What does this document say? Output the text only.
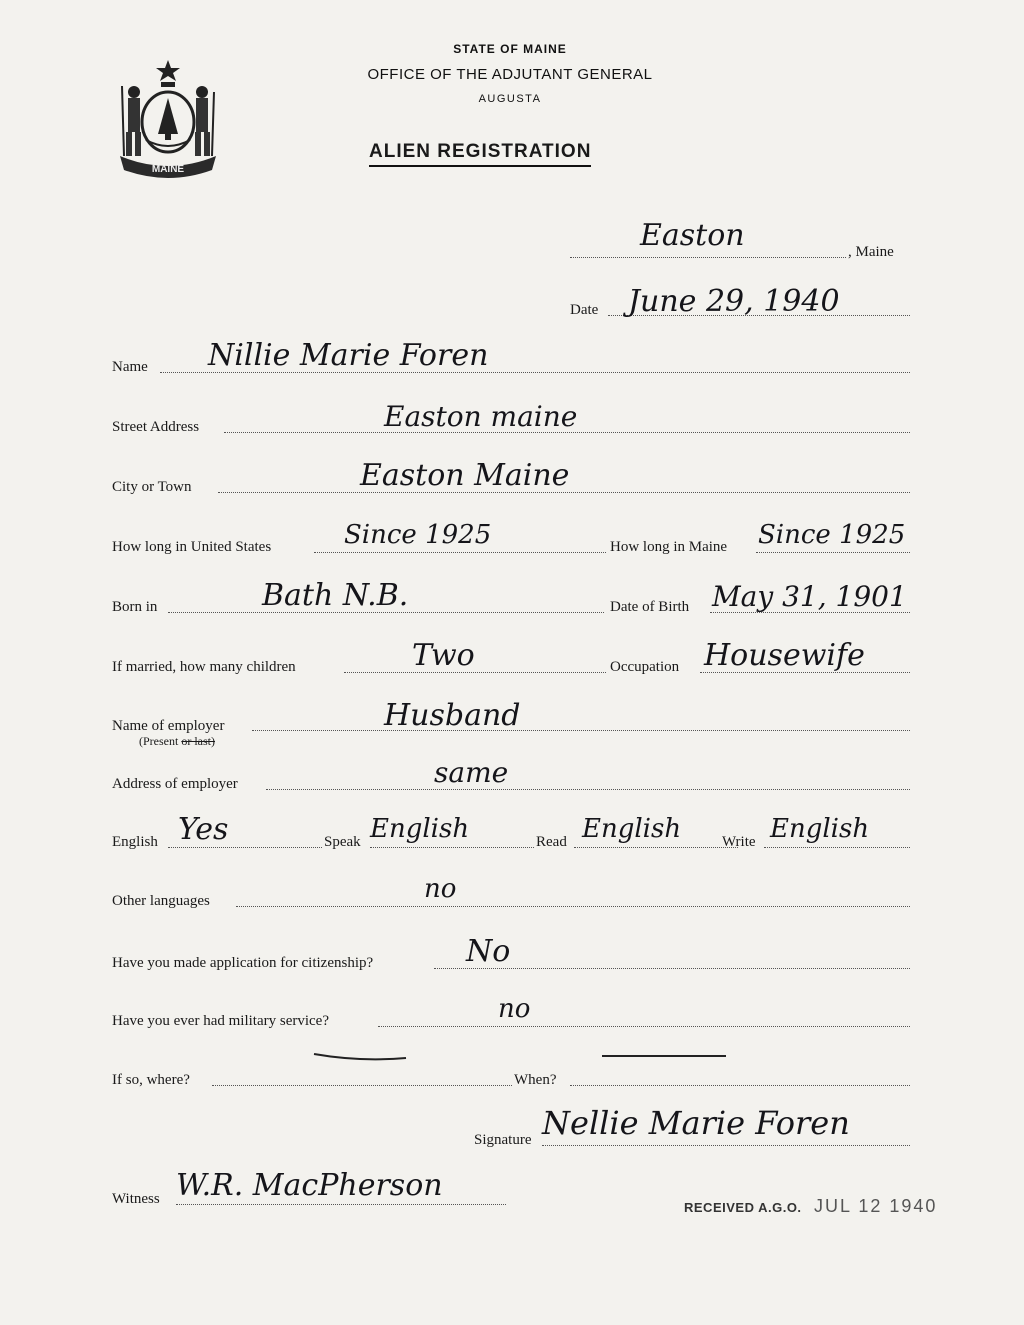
MAINE
STATE OF MAINE
OFFICE OF THE ADJUTANT GENERAL
AUGUSTA
ALIEN REGISTRATION
Easton	, Maine
Date June 29, 1940
Name Nillie Marie Foren
Street Address	Easton maine
City or Town	Easton Maine
How long in United States	Since 1925	How long in Maine Since 1925
Born in	Bath N.B.	Date of Birth May 31, 1901
If married, how many children	Two	Occupation Housewife
Name of employer
(Present or last)
Husband
Address of employer	same
English Yes	Speak English	Read English	Write English
Other languages	no
Have you made application for citizenship?	No
Have you ever had military service?	no
If so, where?	When?
Signature Nellie Marie Foren
Witness W.R. MacPherson
RECEIVED A.G.O. JUL 12 1940
